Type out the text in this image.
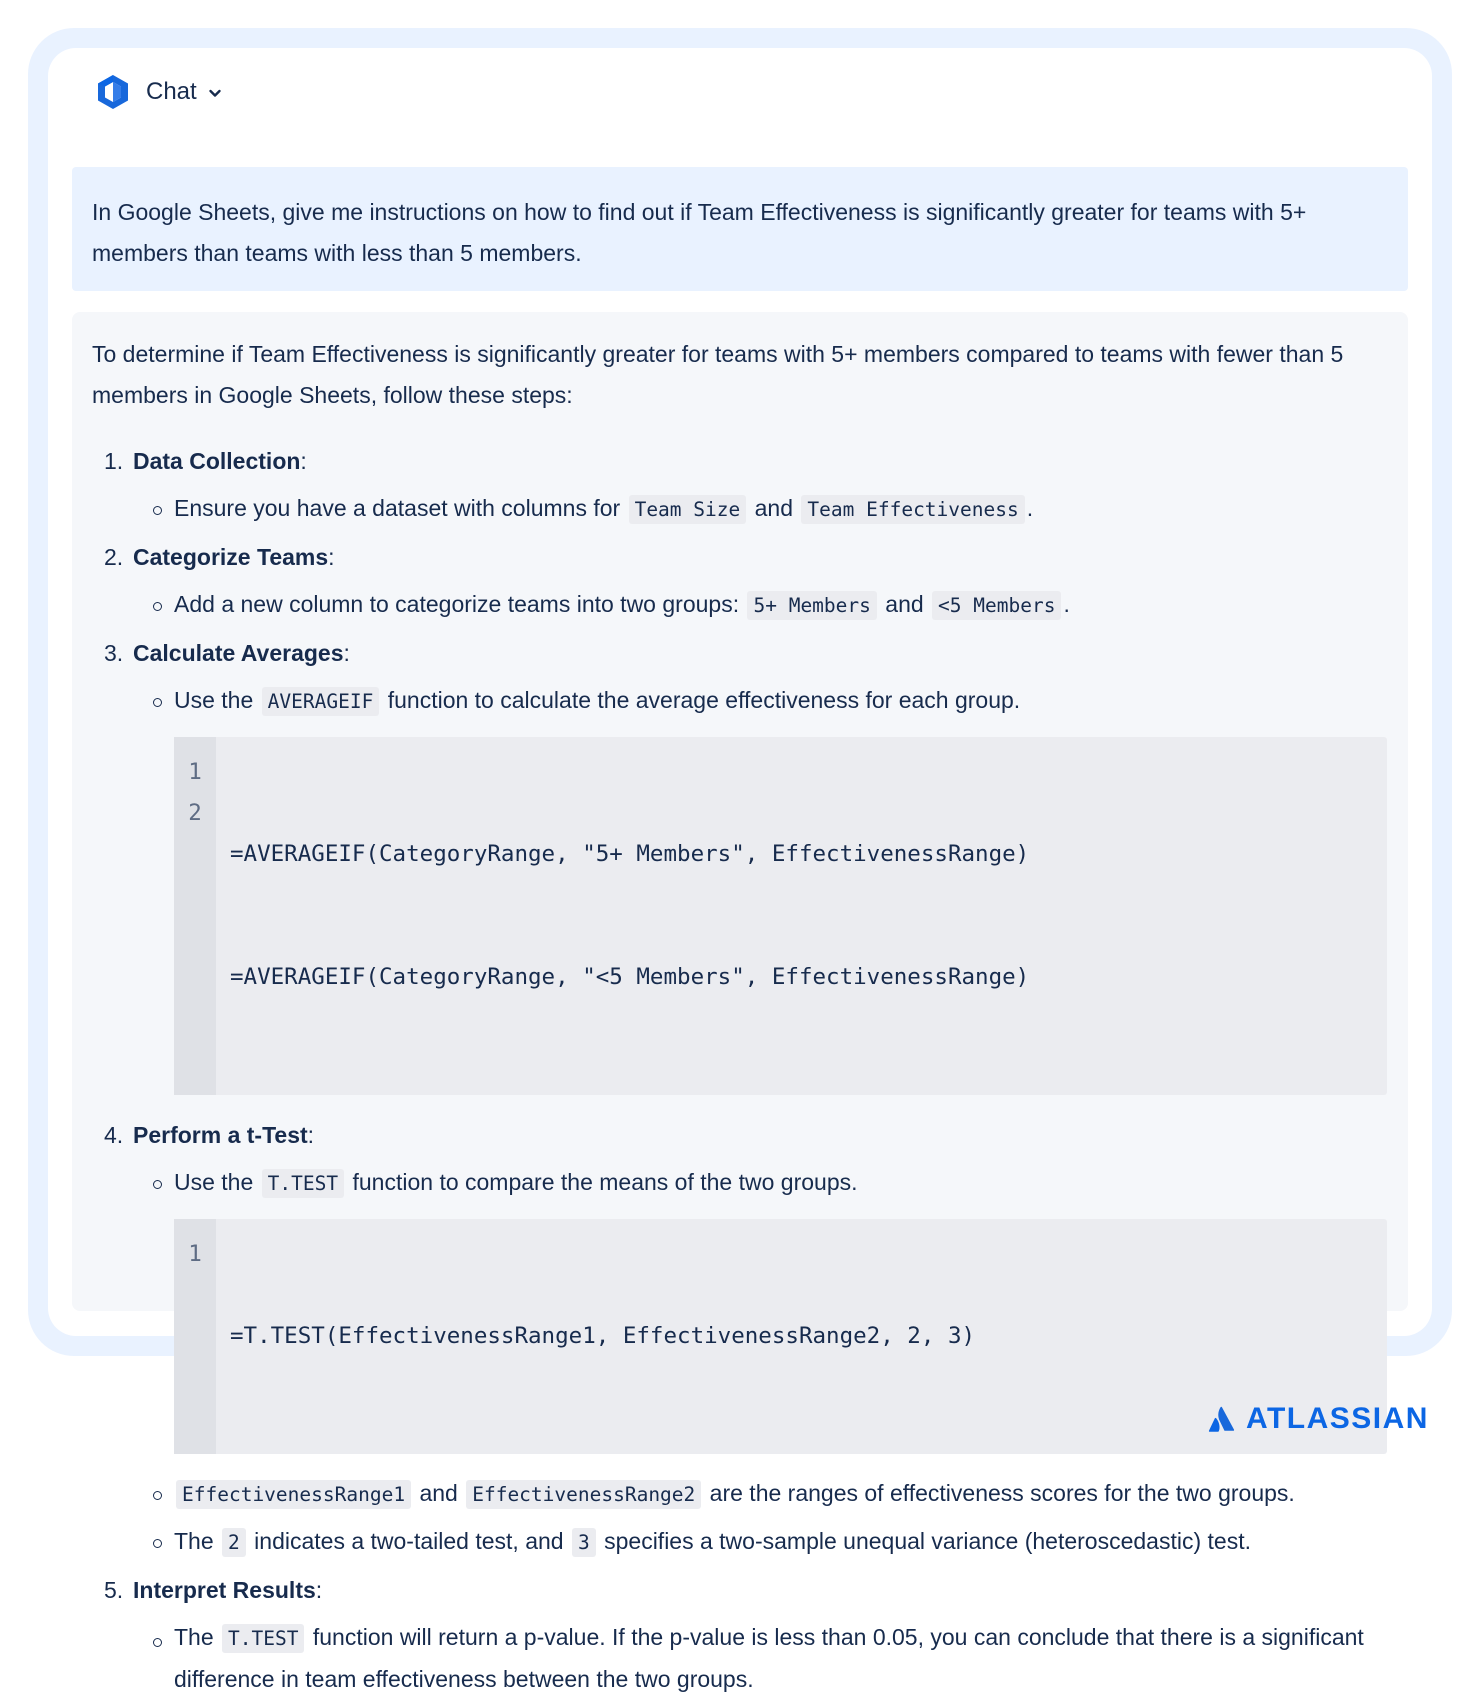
Chat
In Google Sheets, give me instructions on how to find out if Team Effectiveness is significantly greater for teams with 5+ members than teams with less than 5 members.

To determine if Team Effectiveness is significantly greater for teams with 5+ members compared to teams with fewer than 5 members in Google Sheets, follow these steps:

1. Data Collection:
Ensure you have a dataset with columns for Team Size and Team Effectiveness .
2. Categorize Teams:
Add a new column to categorize teams into two groups: 5+ Members and <5 Members .
3. Calculate Averages:
Use the AVERAGEIF function to calculate the average effectiveness for each group.
1
2

=AVERAGEIF(CategoryRange, "5+ Members", EffectivenessRange)

=AVERAGEIF(CategoryRange, "<5 Members", EffectivenessRange)

4. Perform a t-Test:
Use the T.TEST function to compare the means of the two groups.
1

=T.TEST(EffectivenessRange1, EffectivenessRange2, 2, 3)

EffectivenessRange1 and EffectivenessRange2 are the ranges of effectiveness scores for the two groups.
The 2 indicates a two-tailed test, and 3 specifies a two-sample unequal variance (heteroscedastic) test.
5. Interpret Results:
The T.TEST function will return a p-value. If the p-value is less than 0.05, you can conclude that there is a significant difference in team effectiveness between the two groups.
ATLASSIAN
